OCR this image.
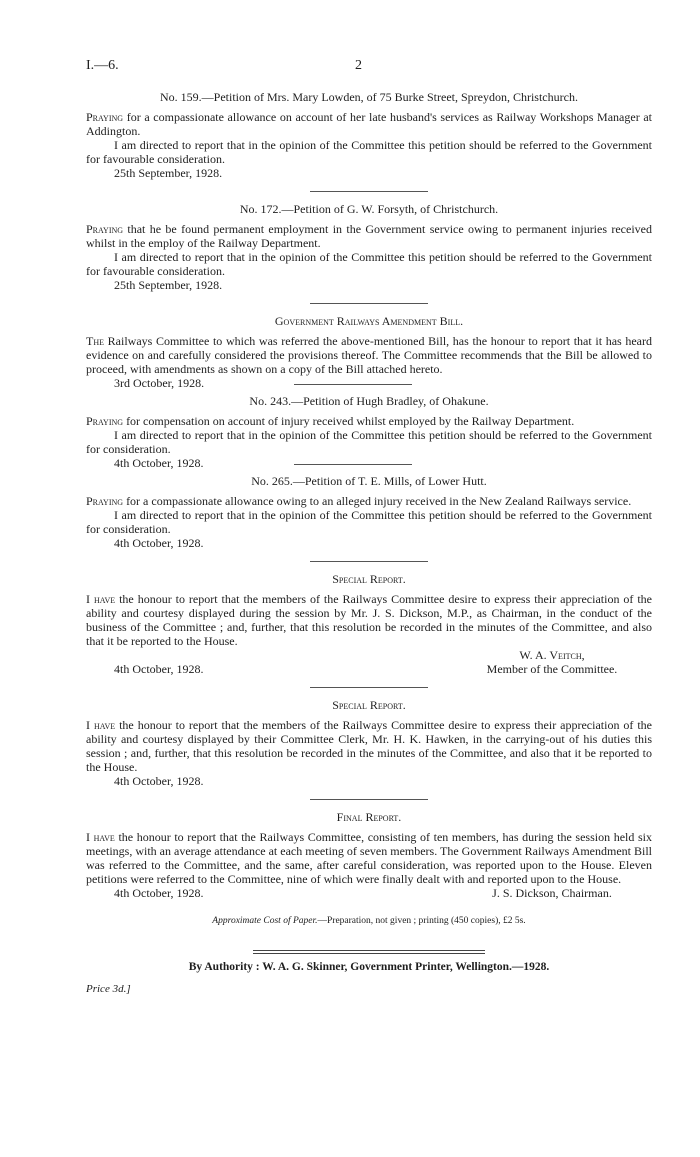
I.—6.	2

No. 159.—Petition of Mrs. Mary Lowden, of 75 Burke Street, Spreydon, Christchurch.

Praying for a compassionate allowance on account of her late husband's services as Railway Workshops Manager at Addington.

I am directed to report that in the opinion of the Committee this petition should be referred to the Government for favourable consideration.

25th September, 1928.

No. 172.—Petition of G. W. Forsyth, of Christchurch.

Praying that he be found permanent employment in the Government service owing to permanent injuries received whilst in the employ of the Railway Department.

I am directed to report that in the opinion of the Committee this petition should be referred to the Government for favourable consideration.

25th September, 1928.

Government Railways Amendment Bill.

The Railways Committee to which was referred the above-mentioned Bill, has the honour to report that it has heard evidence on and carefully considered the provisions thereof. The Committee recommends that the Bill be allowed to proceed, with amendments as shown on a copy of the Bill attached hereto.

3rd October, 1928.

No. 243.—Petition of Hugh Bradley, of Ohakune.

Praying for compensation on account of injury received whilst employed by the Railway Department.

I am directed to report that in the opinion of the Committee this petition should be referred to the Government for consideration.

4th October, 1928.

No. 265.—Petition of T. E. Mills, of Lower Hutt.

Praying for a compassionate allowance owing to an alleged injury received in the New Zealand Railways service.

I am directed to report that in the opinion of the Committee this petition should be referred to the Government for consideration.

4th October, 1928.

Special Report.

I have the honour to report that the members of the Railways Committee desire to express their appreciation of the ability and courtesy displayed during the session by Mr. J. S. Dickson, M.P., as Chairman, in the conduct of the business of the Committee ; and, further, that this resolution be recorded in the minutes of the Committee, and also that it be reported to the House.

W. A. Veitch,
4th October, 1928.	Member of the Committee.

Special Report.

I have the honour to report that the members of the Railways Committee desire to express their appreciation of the ability and courtesy displayed by their Committee Clerk, Mr. H. K. Hawken, in the carrying-out of his duties this session ; and, further, that this resolution be recorded in the minutes of the Committee, and also that it be reported to the House.

4th October, 1928.

Final Report.

I have the honour to report that the Railways Committee, consisting of ten members, has during the session held six meetings, with an average attendance at each meeting of seven members. The Government Railways Amendment Bill was referred to the Committee, and the same, after careful consideration, was reported upon to the House. Eleven petitions were referred to the Committee, nine of which were finally dealt with and reported upon to the House.

4th October, 1928.	J. S. Dickson, Chairman.

Approximate Cost of Paper.—Preparation, not given ; printing (450 copies), £2 5s.

By Authority : W. A. G. Skinner, Government Printer, Wellington.—1928.

Price 3d.]
